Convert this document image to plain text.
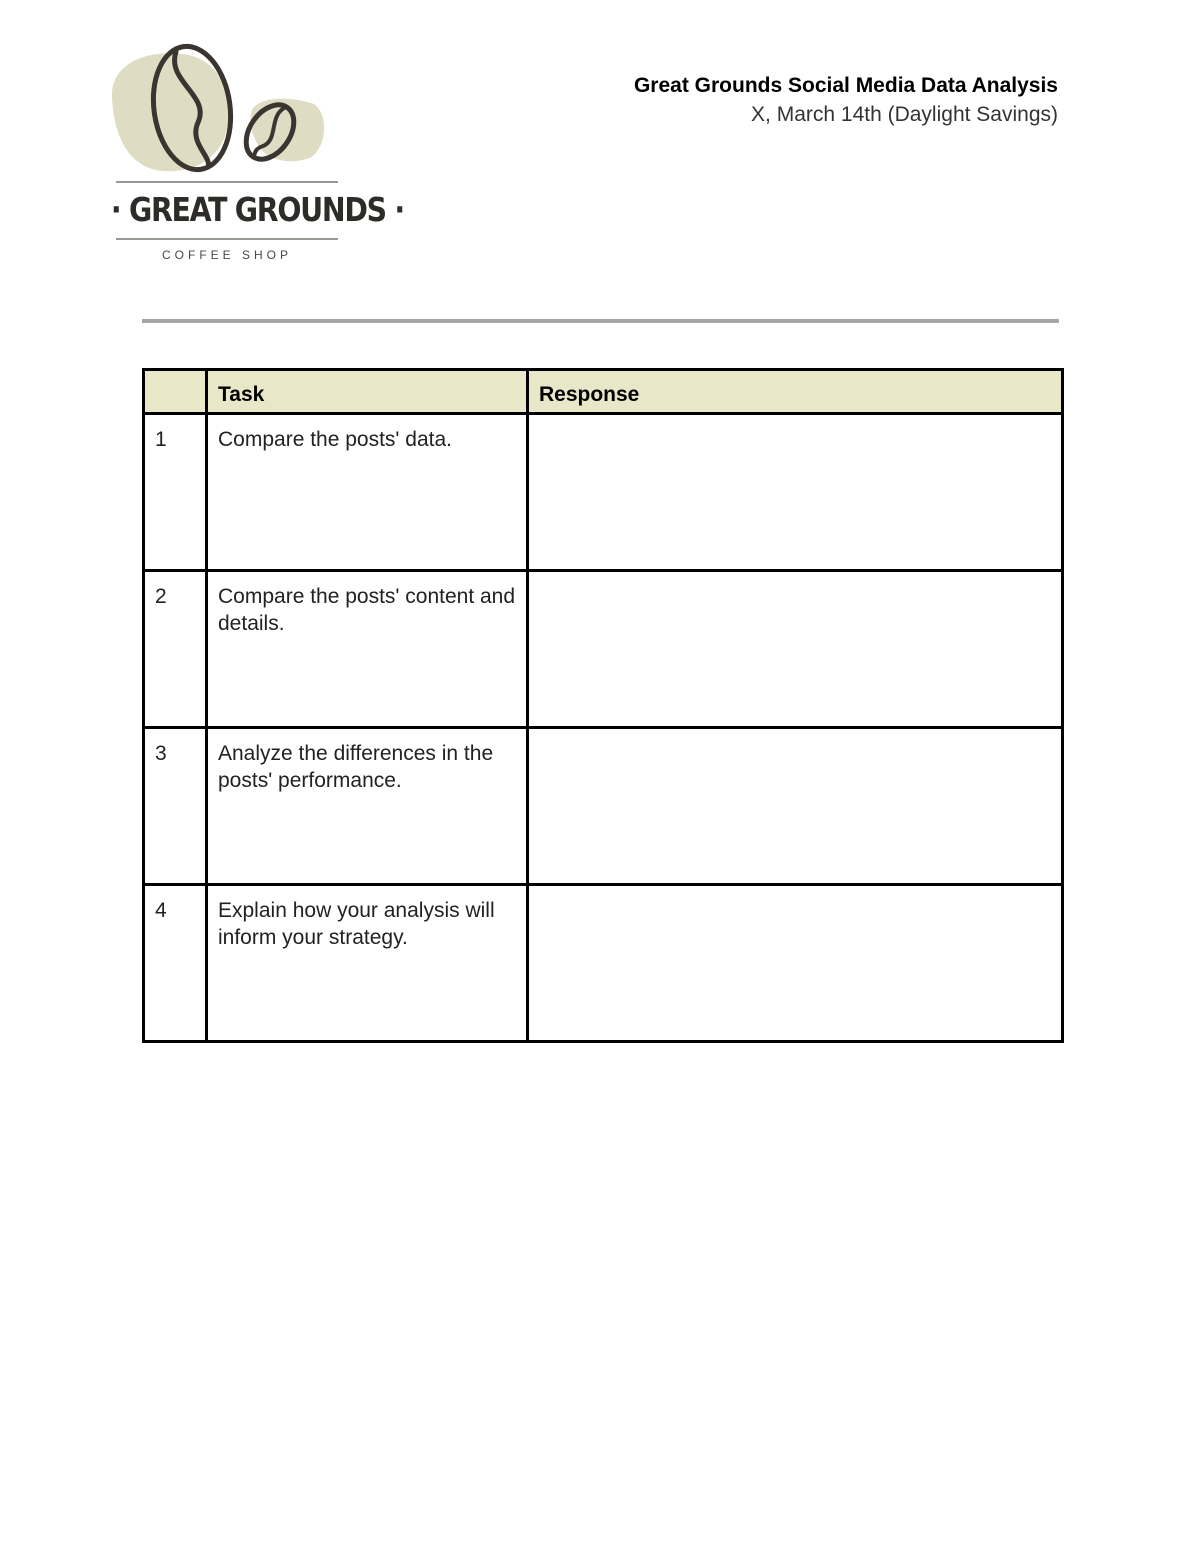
· GREAT GROUNDS ·
COFFEE SHOP
Great Grounds Social Media Data Analysis
X, March 14th (Daylight Savings)
	Task	Response
1	Compare the posts' data.	
2	Compare the posts' content and details.	
3	Analyze the differences in the posts' performance.	
4	Explain how your analysis will inform your strategy.	
